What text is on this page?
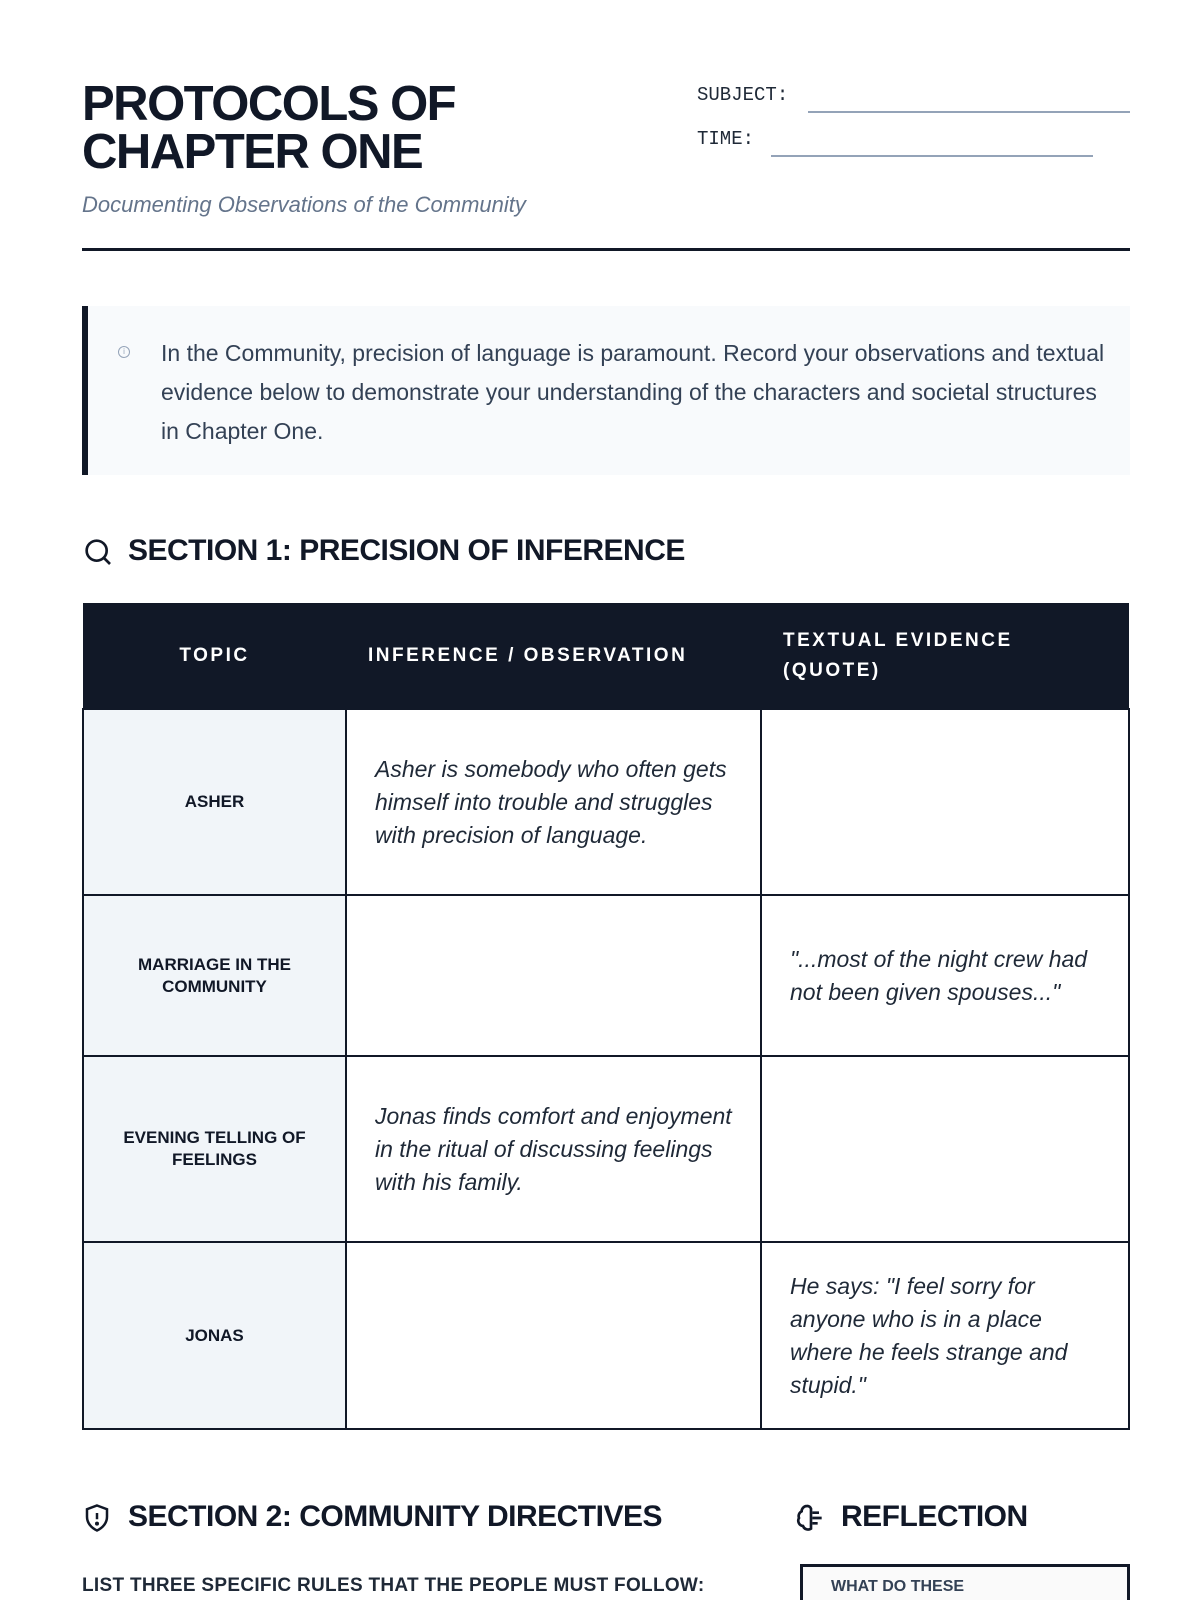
PROTOCOLS OF
CHAPTER ONE
Documenting Observations of the Community
SUBJECT:
TIME:
i In the Community, precision of language is paramount. Record your observations and textual evidence below to demonstrate your understanding of the characters and societal structures in Chapter One.

SECTION 1: PRECISION OF INFERENCE
TOPIC	INFERENCE / OBSERVATION	TEXTUAL EVIDENCE (QUOTE)
ASHER	Asher is somebody who often gets himself into trouble and struggles with precision of language.	
MARRIAGE IN THE COMMUNITY		"...most of the night crew had not been given spouses..."
EVENING TELLING OF FEELINGS	Jonas finds comfort and enjoyment in the ritual of discussing feelings with his family.	
JONAS		He says: "I feel sorry for anyone who is in a place where he feels strange and stupid."
SECTION 2: COMMUNITY DIRECTIVES	REFLECTION
LIST THREE SPECIFIC RULES THAT THE PEOPLE MUST FOLLOW:	WHAT DO THESE
